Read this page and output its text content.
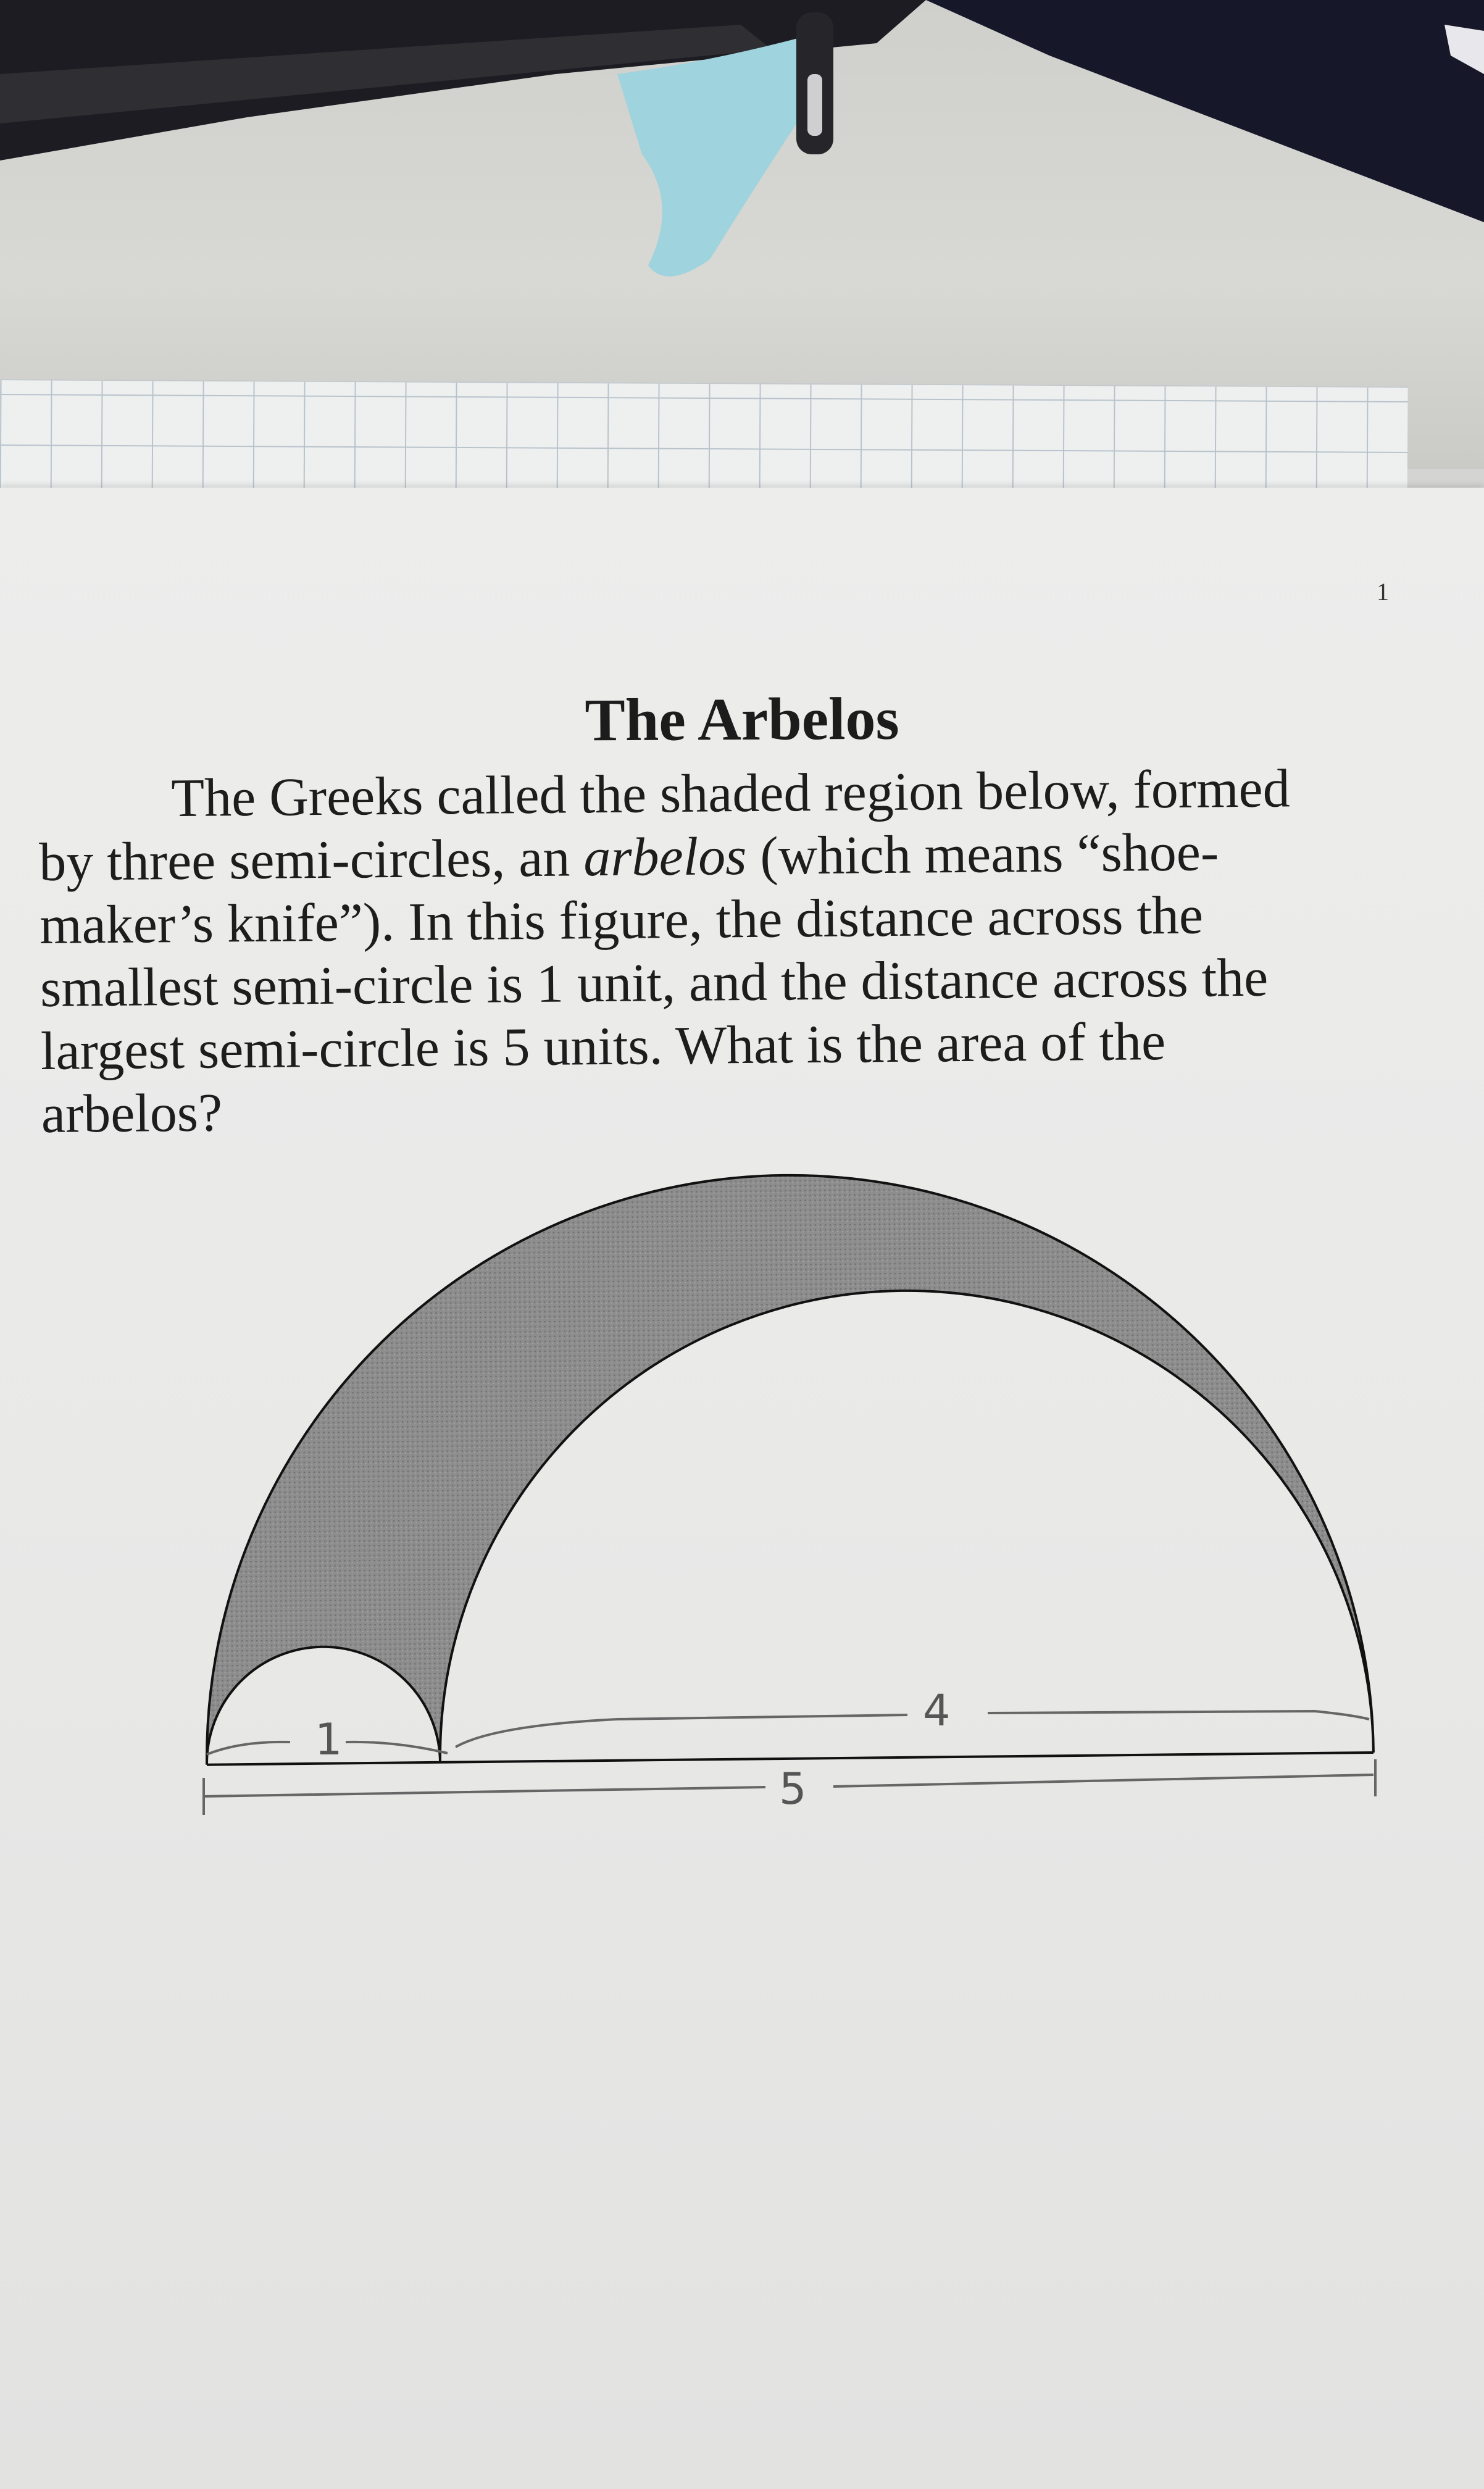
1
The Arbelos
The Greeks called the shaded region below, formed
by three semi-circles, an arbelos (which means “shoe-
maker’s knife”). In this figure, the distance across the
smallest semi-circle is 1 unit, and the distance across the
largest semi-circle is 5 units. What is the area of the
arbelos?
1
4
5
